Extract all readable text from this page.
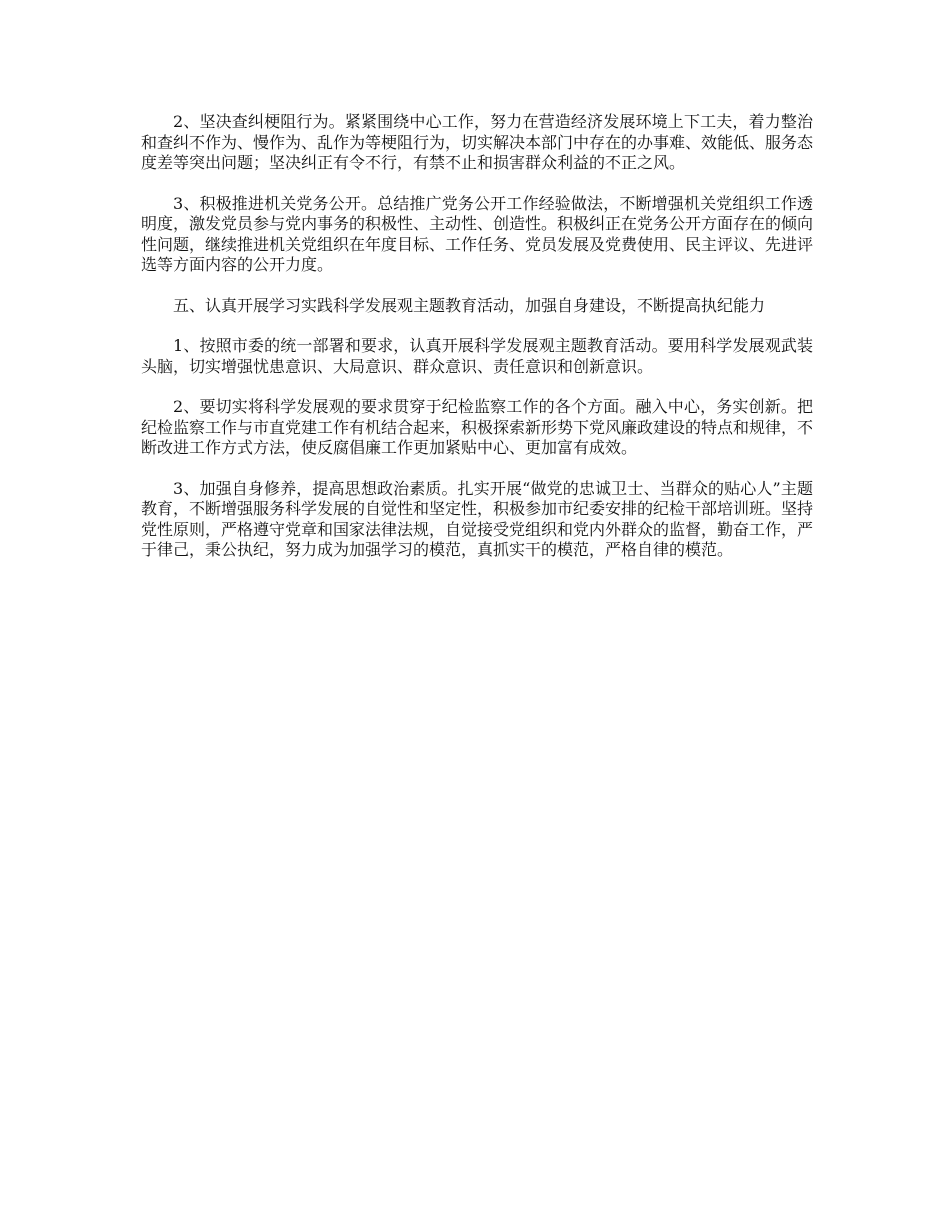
2、坚决查纠梗阻行为。紧紧围绕中心工作，努力在营造经济发展环境上下工夫，着力整治和查纠不作为、慢作为、乱作为等梗阻行为，切实解决本部门中存在的办事难、效能低、服务态度差等突出问题；坚决纠正有令不行，有禁不止和损害群众利益的不正之风。

3、积极推进机关党务公开。总结推广党务公开工作经验做法，不断增强机关党组织工作透明度，激发党员参与党内事务的积极性、主动性、创造性。积极纠正在党务公开方面存在的倾向性问题，继续推进机关党组织在年度目标、工作任务、党员发展及党费使用、民主评议、先进评选等方面内容的公开力度。

五、认真开展学习实践科学发展观主题教育活动，加强自身建设，不断提高执纪能力

1、按照市委的统一部署和要求，认真开展科学发展观主题教育活动。要用科学发展观武装头脑，切实增强忧患意识、大局意识、群众意识、责任意识和创新意识。

2、要切实将科学发展观的要求贯穿于纪检监察工作的各个方面。融入中心，务实创新。把纪检监察工作与市直党建工作有机结合起来，积极探索新形势下党风廉政建设的特点和规律，不断改进工作方式方法，使反腐倡廉工作更加紧贴中心、更加富有成效。

3、加强自身修养，提高思想政治素质。扎实开展“做党的忠诚卫士、当群众的贴心人”主题教育，不断增强服务科学发展的自觉性和坚定性，积极参加市纪委安排的纪检干部培训班。坚持党性原则，严格遵守党章和国家法律法规，自觉接受党组织和党内外群众的监督，勤奋工作，严于律己，秉公执纪，努力成为加强学习的模范，真抓实干的模范，严格自律的模范。
